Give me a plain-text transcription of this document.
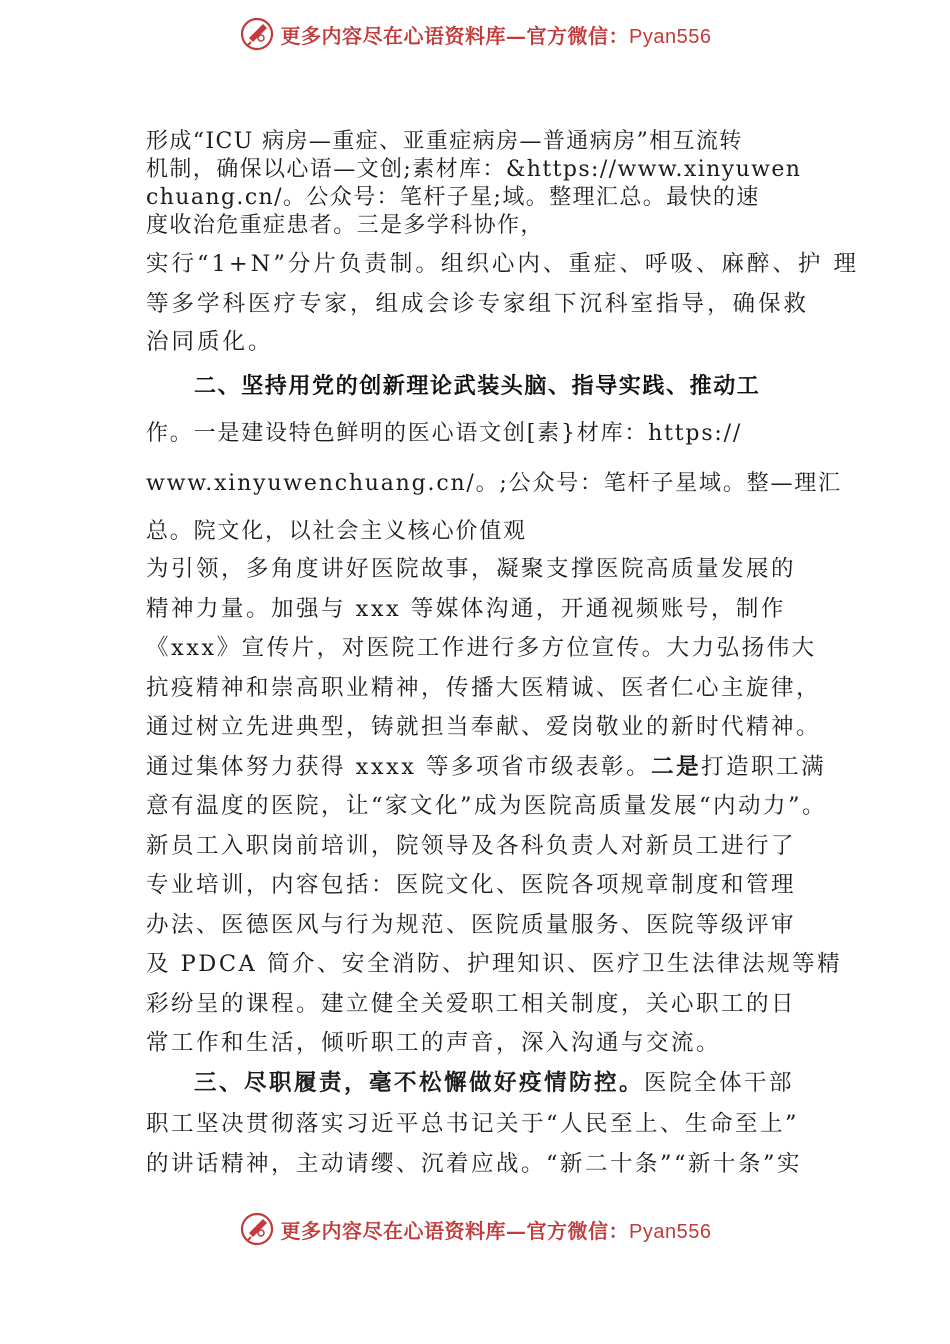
更多内容尽在心语资料库—官方微信：Pyan556
形成“ICU 病房—重症、亚重症病房—普通病房”相互流转
机制，确保以心语—文创;素材库：&https://www.xinyuwen
chuang.cn/。公众号：笔杆子星;域。整理汇总。最快的速
度收治危重症患者。三是多学科协作，
实行“1+N”分片负责制。组织心内、重症、呼吸、麻醉、护 理
等多学科医疗专家，组成会诊专家组下沉科室指导，确保救
治同质化。
二、坚持用党的创新理论武装头脑、指导实践、推动工
作。一是建设特色鲜明的医心语文创[素}材库：https://
www.xinyuwenchuang.cn/。;公众号：笔杆子星域。整—理汇
总。院文化，以社会主义核心价值观
为引领，多角度讲好医院故事，凝聚支撑医院高质量发展的
精神力量。加强与 xxx 等媒体沟通，开通视频账号，制作
《xxx》宣传片，对医院工作进行多方位宣传。大力弘扬伟大
抗疫精神和崇高职业精神，传播大医精诚、医者仁心主旋律，
通过树立先进典型，铸就担当奉献、爱岗敬业的新时代精神。
通过集体努力获得 xxxx 等多项省市级表彰。二是打造职工满
意有温度的医院，让“家文化”成为医院高质量发展“内动力”。
新员工入职岗前培训，院领导及各科负责人对新员工进行了
专业培训，内容包括：医院文化、医院各项规章制度和管理
办法、医德医风与行为规范、医院质量服务、医院等级评审
及 PDCA 简介、安全消防、护理知识、医疗卫生法律法规等精
彩纷呈的课程。建立健全关爱职工相关制度，关心职工的日
常工作和生活，倾听职工的声音，深入沟通与交流。
三、尽职履责，毫不松懈做好疫情防控。医院全体干部
职工坚决贯彻落实习近平总书记关于“人民至上、生命至上”
的讲话精神，主动请缨、沉着应战。“新二十条”“新十条”实
更多内容尽在心语资料库—官方微信：Pyan556
